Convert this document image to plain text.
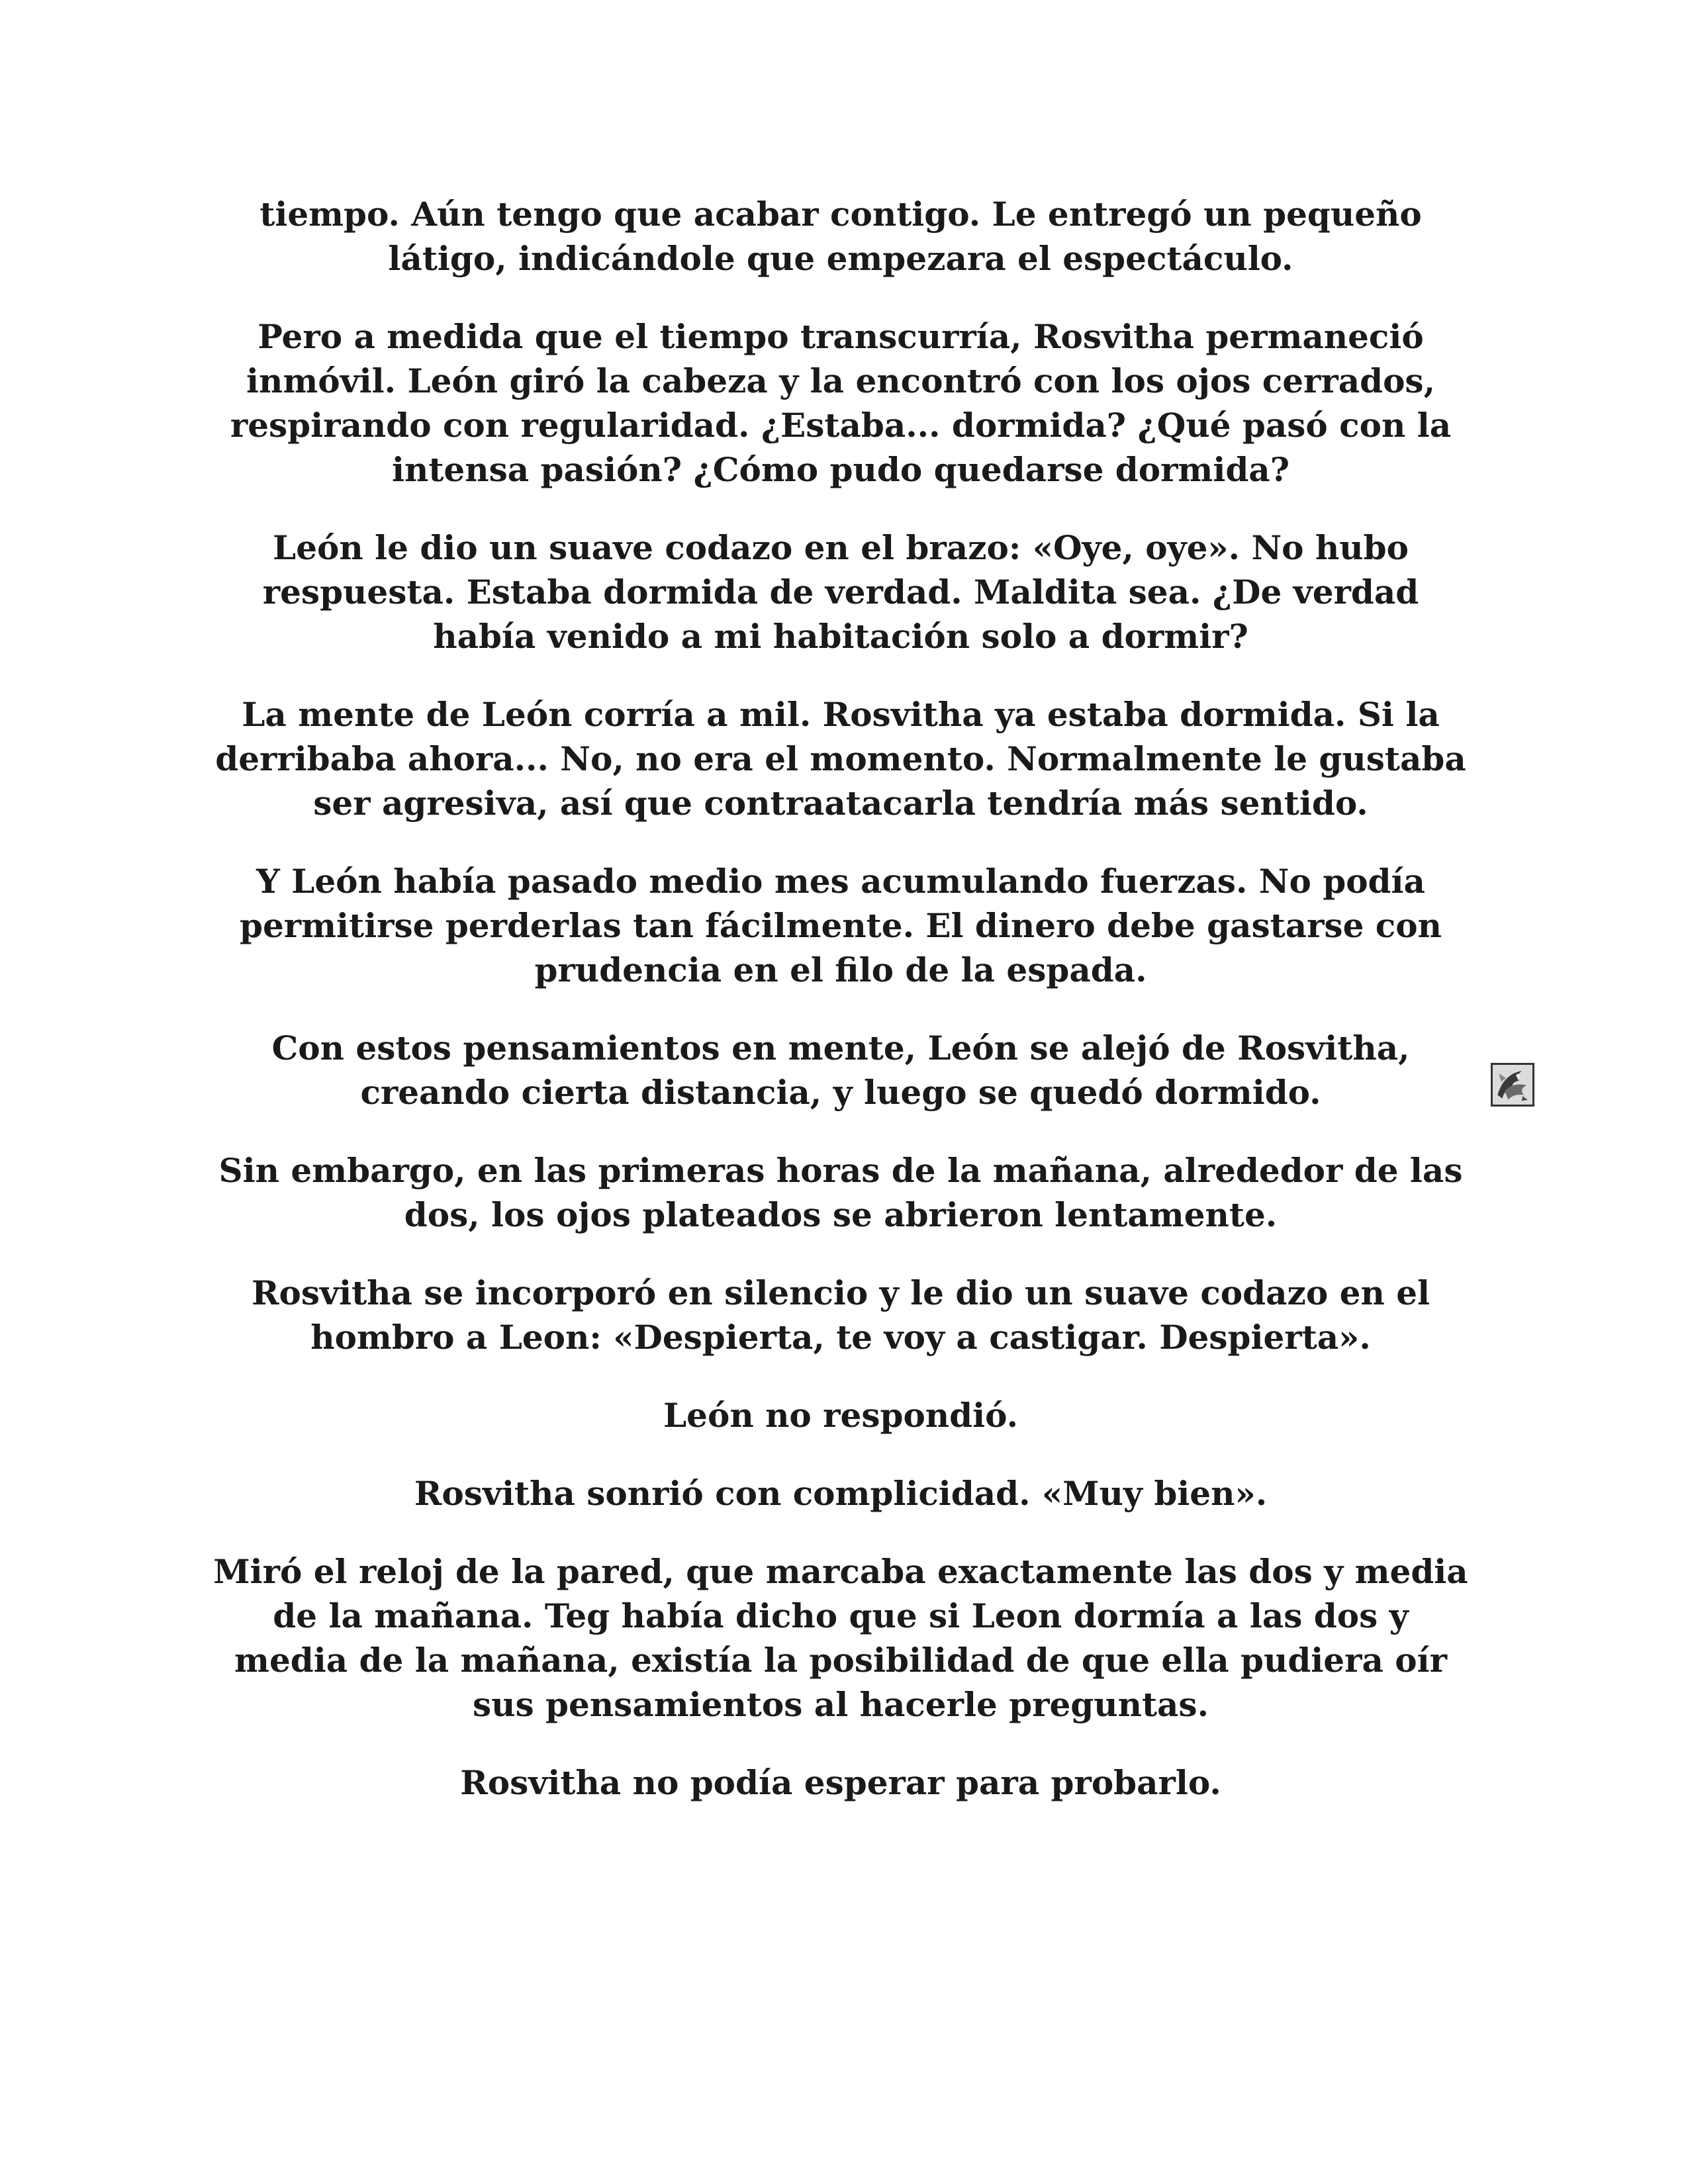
tiempo. Aún tengo que acabar contigo. Le entregó un pequeño látigo, indicándole que empezara el espectáculo.

Pero a medida que el tiempo transcurría, Rosvitha permaneció inmóvil. León giró la cabeza y la encontró con los ojos cerrados, respirando con regularidad. ¿Estaba... dormida? ¿Qué pasó con la intensa pasión? ¿Cómo pudo quedarse dormida?

León le dio un suave codazo en el brazo: «Oye, oye». No hubo respuesta. Estaba dormida de verdad. Maldita sea. ¿De verdad había venido a mi habitación solo a dormir?

La mente de León corría a mil. Rosvitha ya estaba dormida. Si la derribaba ahora... No, no era el momento. Normalmente le gustaba ser agresiva, así que contraatacarla tendría más sentido.

Y León había pasado medio mes acumulando fuerzas. No podía permitirse perderlas tan fácilmente. El dinero debe gastarse con prudencia en el filo de la espada.

Con estos pensamientos en mente, León se alejó de Rosvitha, creando cierta distancia, y luego se quedó dormido.

Sin embargo, en las primeras horas de la mañana, alrededor de las dos, los ojos plateados se abrieron lentamente.

Rosvitha se incorporó en silencio y le dio un suave codazo en el hombro a Leon: «Despierta, te voy a castigar. Despierta».

León no respondió.

Rosvitha sonrió con complicidad. «Muy bien».

Miró el reloj de la pared, que marcaba exactamente las dos y media de la mañana. Teg había dicho que si Leon dormía a las dos y media de la mañana, existía la posibilidad de que ella pudiera oír sus pensamientos al hacerle preguntas.

Rosvitha no podía esperar para probarlo.
